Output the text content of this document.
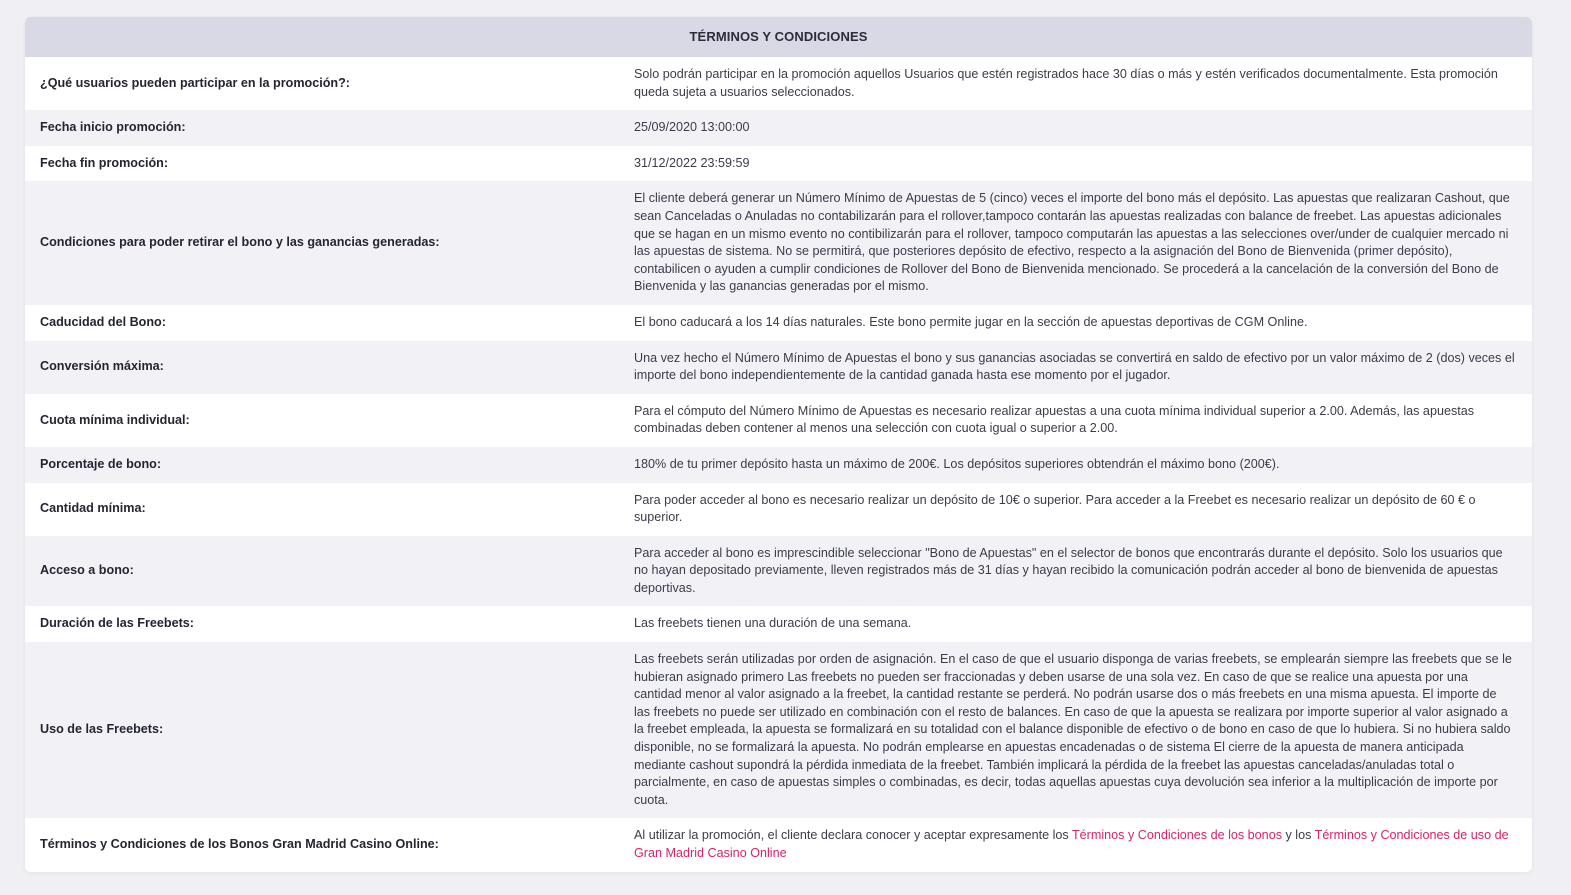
TÉRMINOS Y CONDICIONES
¿Qué usuarios pueden participar en la promoción?:	Solo podrán participar en la promoción aquellos Usuarios que estén registrados hace 30 días o más y estén verificados documentalmente. Esta promoción queda sujeta a usuarios seleccionados.
Fecha inicio promoción:	25/09/2020 13:00:00
Fecha fin promoción:	31/12/2022 23:59:59
Condiciones para poder retirar el bono y las ganancias generadas:	El cliente deberá generar un Número Mínimo de Apuestas de 5 (cinco) veces el importe del bono más el depósito. Las apuestas que realizaran Cashout, que sean Canceladas o Anuladas no contabilizarán para el rollover,tampoco contarán las apuestas realizadas con balance de freebet. Las apuestas adicionales que se hagan en un mismo evento no contibilizarán para el rollover, tampoco computarán las apuestas a las selecciones over/under de cualquier mercado ni las apuestas de sistema. No se permitirá, que posteriores depósito de efectivo, respecto a la asignación del Bono de Bienvenida (primer depósito), contabilicen o ayuden a cumplir condiciones de Rollover del Bono de Bienvenida mencionado. Se procederá a la cancelación de la conversión del Bono de Bienvenida y las ganancias generadas por el mismo.
Caducidad del Bono:	El bono caducará a los 14 días naturales. Este bono permite jugar en la sección de apuestas deportivas de CGM Online.
Conversión máxima:	Una vez hecho el Número Mínimo de Apuestas el bono y sus ganancias asociadas se convertirá en saldo de efectivo por un valor máximo de 2 (dos) veces el importe del bono independientemente de la cantidad ganada hasta ese momento por el jugador.
Cuota mínima individual:	Para el cómputo del Número Mínimo de Apuestas es necesario realizar apuestas a una cuota mínima individual superior a 2.00. Además, las apuestas combinadas deben contener al menos una selección con cuota igual o superior a 2.00.
Porcentaje de bono:	180% de tu primer depósito hasta un máximo de 200€. Los depósitos superiores obtendrán el máximo bono (200€).
Cantidad mínima:	Para poder acceder al bono es necesario realizar un depósito de 10€ o superior. Para acceder a la Freebet es necesario realizar un depósito de 60 € o superior.
Acceso a bono:	Para acceder al bono es imprescindible seleccionar "Bono de Apuestas" en el selector de bonos que encontrarás durante el depósito. Solo los usuarios que no hayan depositado previamente, lleven registrados más de 31 días y hayan recibido la comunicación podrán acceder al bono de bienvenida de apuestas deportivas.
Duración de las Freebets:	Las freebets tienen una duración de una semana.
Uso de las Freebets:	Las freebets serán utilizadas por orden de asignación. En el caso de que el usuario disponga de varias freebets, se emplearán siempre las freebets que se le hubieran asignado primero Las freebets no pueden ser fraccionadas y deben usarse de una sola vez. En caso de que se realice una apuesta por una cantidad menor al valor asignado a la freebet, la cantidad restante se perderá. No podrán usarse dos o más freebets en una misma apuesta. El importe de las freebets no puede ser utilizado en combinación con el resto de balances. En caso de que la apuesta se realizara por importe superior al valor asignado a la freebet empleada, la apuesta se formalizará en su totalidad con el balance disponible de efectivo o de bono en caso de que lo hubiera. Si no hubiera saldo disponible, no se formalizará la apuesta. No podrán emplearse en apuestas encadenadas o de sistema El cierre de la apuesta de manera anticipada mediante cashout supondrá la pérdida inmediata de la freebet. También implicará la pérdida de la freebet las apuestas canceladas/anuladas total o parcialmente, en caso de apuestas simples o combinadas, es decir, todas aquellas apuestas cuya devolución sea inferior a la multiplicación de importe por cuota.
Términos y Condiciones de los Bonos Gran Madrid Casino Online:	Al utilizar la promoción, el cliente declara conocer y aceptar expresamente los Términos y Condiciones de los bonos y los Términos y Condiciones de uso de Gran Madrid Casino Online
